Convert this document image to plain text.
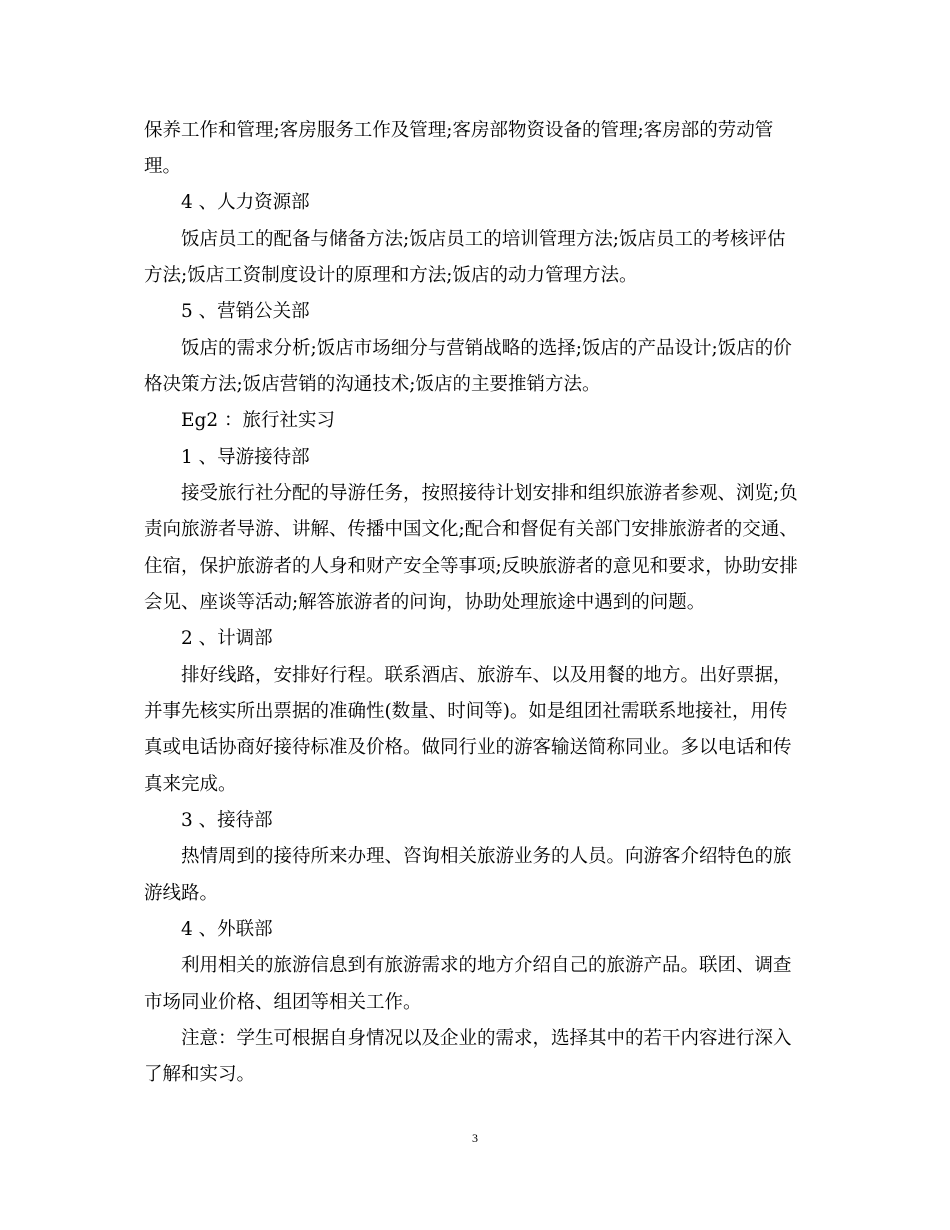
保养工作和管理;客房服务工作及管理;客房部物资设备的管理;客房部的劳动管
理。
4 、人力资源部
饭店员工的配备与储备方法;饭店员工的培训管理方法;饭店员工的考核评估
方法;饭店工资制度设计的原理和方法;饭店的动力管理方法。
5 、营销公关部
饭店的需求分析;饭店市场细分与营销战略的选择;饭店的产品设计;饭店的价
格决策方法;饭店营销的沟通技术;饭店的主要推销方法。
Eg2 ：旅行社实习
1 、导游接待部
接受旅行社分配的导游任务，按照接待计划安排和组织旅游者参观、浏览;负
责向旅游者导游、讲解、传播中国文化;配合和督促有关部门安排旅游者的交通、
住宿，保护旅游者的人身和财产安全等事项;反映旅游者的意见和要求，协助安排
会见、座谈等活动;解答旅游者的问询，协助处理旅途中遇到的问题。
2 、计调部
排好线路，安排好行程。联系酒店、旅游车、以及用餐的地方。出好票据，
并事先核实所出票据的准确性(数量、时间等)。如是组团社需联系地接社，用传
真或电话协商好接待标准及价格。做同行业的游客输送简称同业。多以电话和传
真来完成。
3 、接待部
热情周到的接待所来办理、咨询相关旅游业务的人员。向游客介绍特色的旅
游线路。
4 、外联部
利用相关的旅游信息到有旅游需求的地方介绍自己的旅游产品。联团、调查
市场同业价格、组团等相关工作。
注意：学生可根据自身情况以及企业的需求，选择其中的若干内容进行深入
了解和实习。
3
